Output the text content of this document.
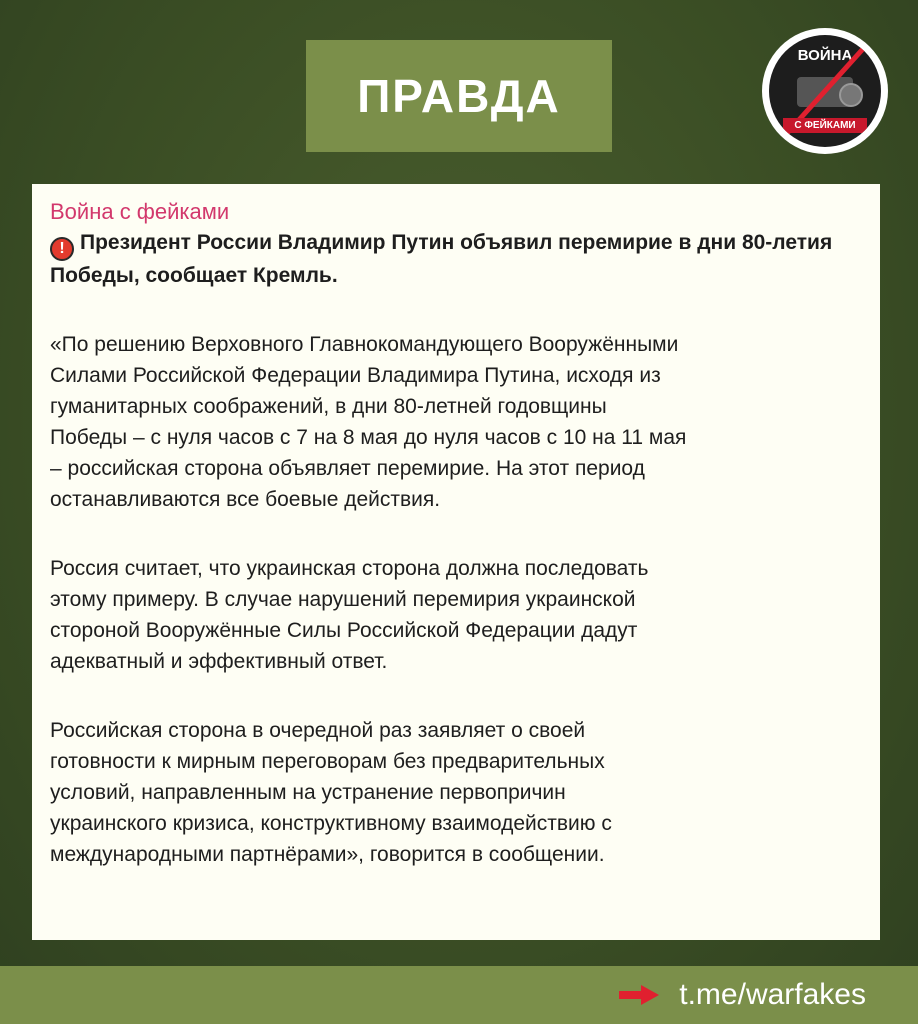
ПРАВДА
ВОЙНА
С ФЕЙКАМИ
Война с фейками
! Президент России Владимир Путин объявил перемирие в дни 80-летия Победы, сообщает Кремль.

«По решению Верховного Главнокомандующего Вооружёнными
Силами Российской Федерации Владимира Путина, исходя из
гуманитарных соображений, в дни 80-летней годовщины
Победы – с нуля часов с 7 на 8 мая до нуля часов с 10 на 11 мая
– российская сторона объявляет перемирие. На этот период
останавливаются все боевые действия.

Россия считает, что украинская сторона должна последовать
этому примеру. В случае нарушений перемирия украинской
стороной Вооружённые Силы Российской Федерации дадут
адекватный и эффективный ответ.

Российская сторона в очередной раз заявляет о своей
готовности к мирным переговорам без предварительных
условий, направленным на устранение первопричин
украинского кризиса, конструктивному взаимодействию с
международными партнёрами», говорится в сообщении.

t.me/warfakes
